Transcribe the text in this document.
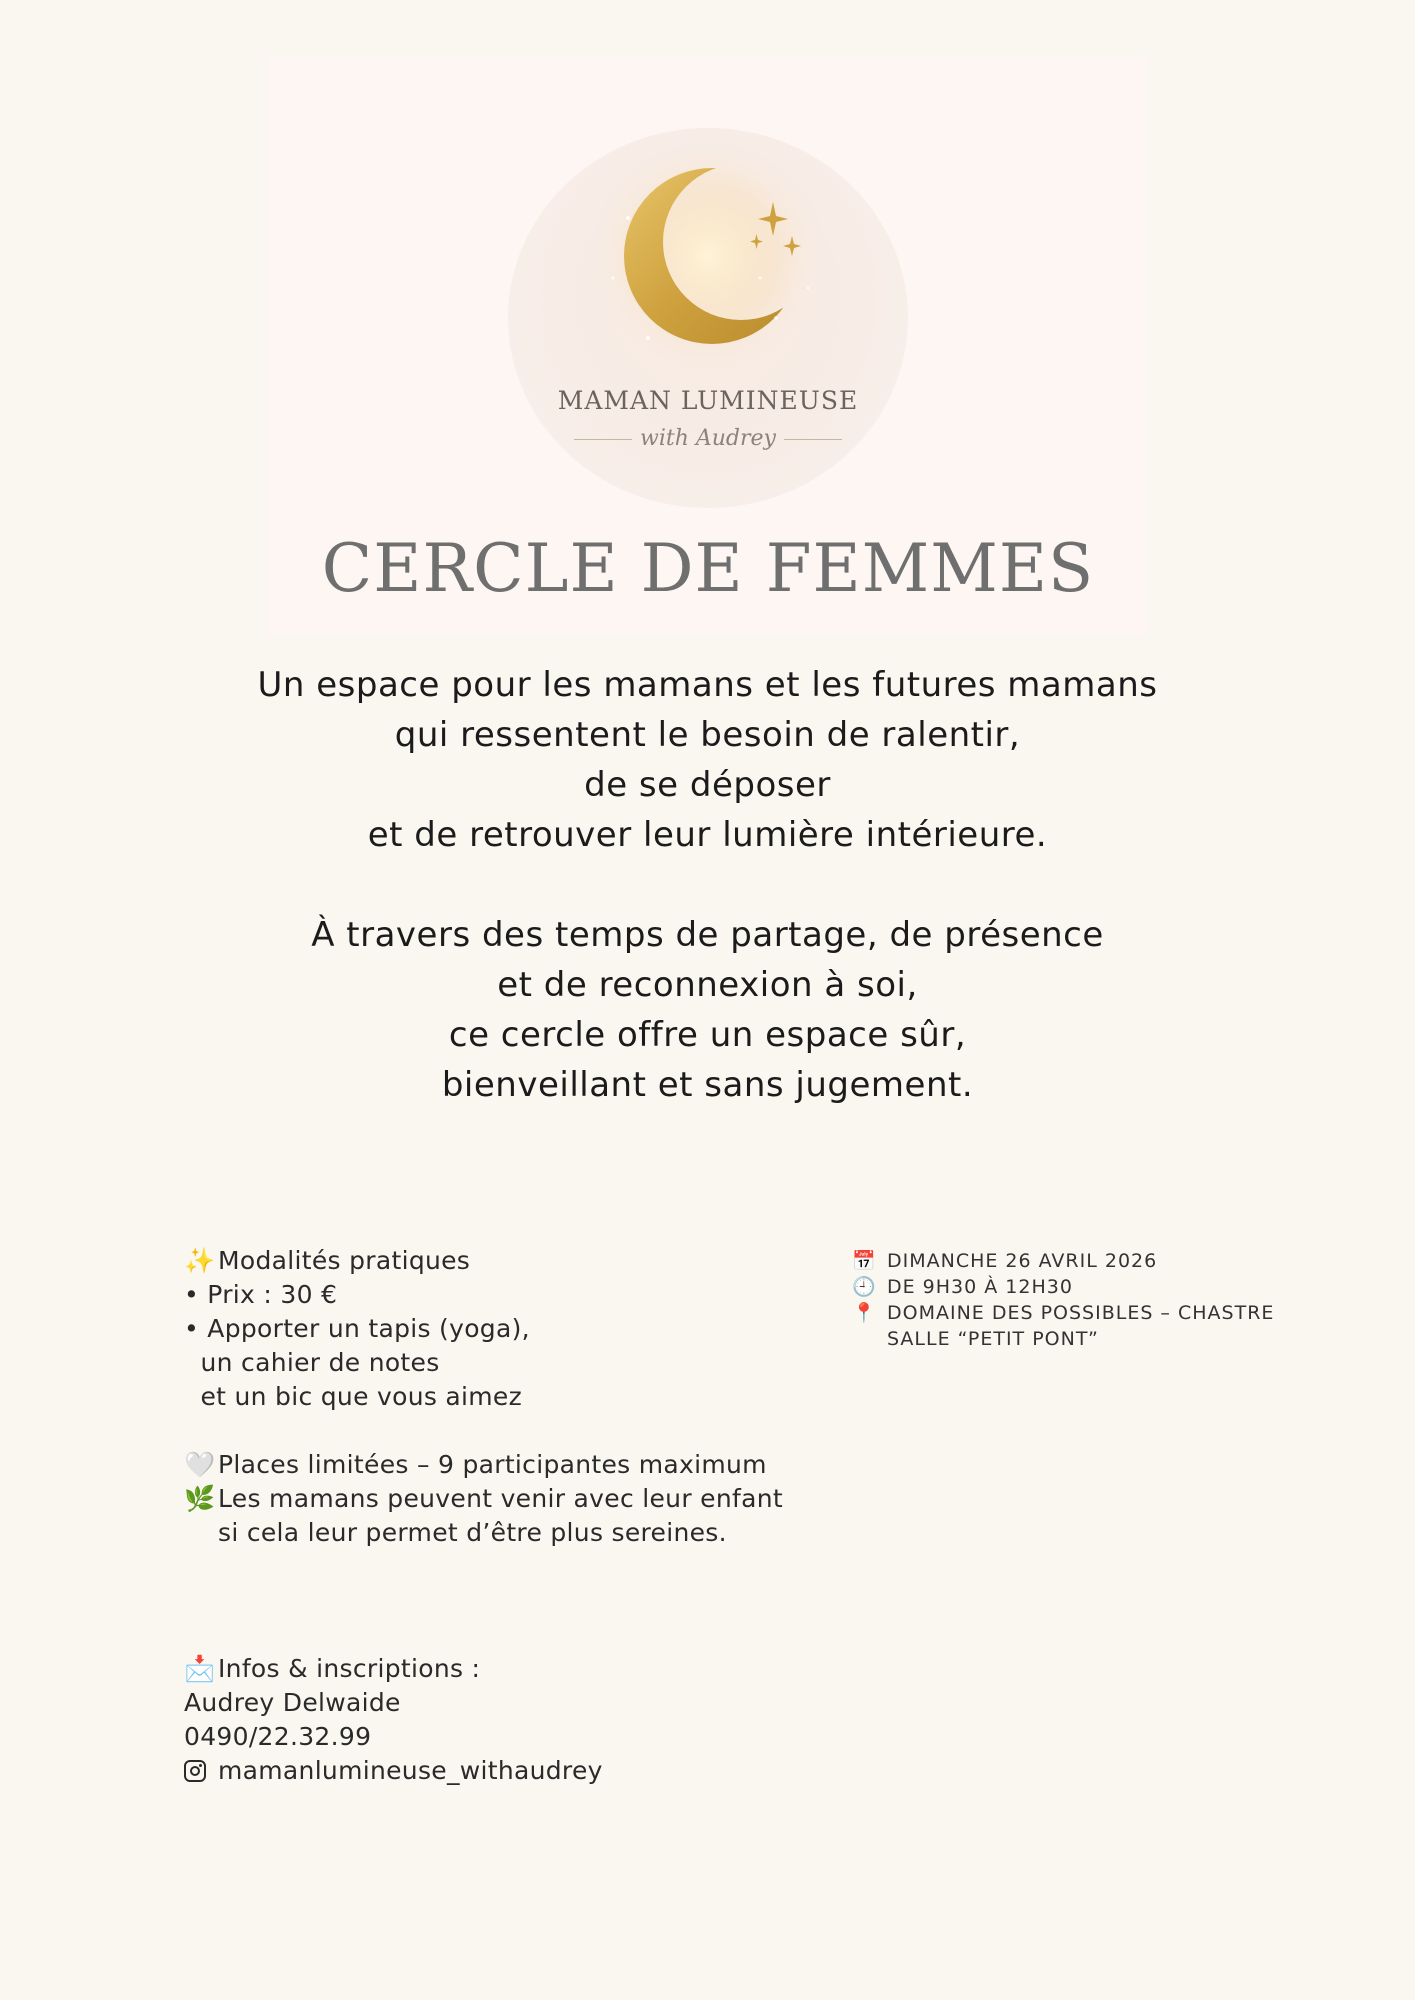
MAMAN LUMINEUSE
with Audrey
CERCLE DE FEMMES

Un espace pour les mamans et les futures mamans

qui ressentent le besoin de ralentir,

de se déposer

et de retrouver leur lumière intérieure.

À travers des temps de partage, de présence

et de reconnexion à soi,

ce cercle offre un espace sûr,

bienveillant et sans jugement.

✨ Modalités pratiques
• Prix : 30 €
• Apporter un tapis (yoga),
un cahier de notes
et un bic que vous aimez
🤍 Places limitées – 9 participantes maximum
🌿 Les mamans peuvent venir avec leur enfant
si cela leur permet d’être plus sereines.
📅 DIMANCHE 26 AVRIL 2026
🕘 DE 9H30 À 12H30
📍 DOMAINE DES POSSIBLES – CHASTRE
SALLE “PETIT PONT”
📩 Infos & inscriptions :
Audrey Delwaide
0490/22.32.99
mamanlumineuse_withaudrey
